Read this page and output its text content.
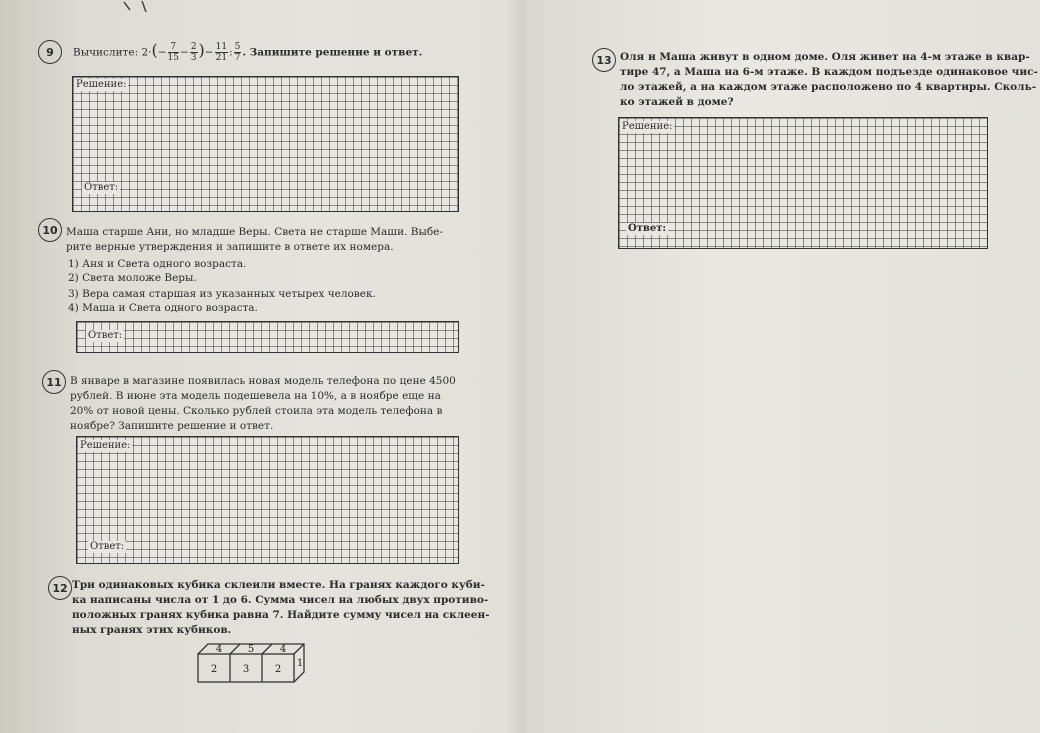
9	Вычислите: $2\cdot(- \frac{7}{15} - \frac{2}{3}$ )− $\frac{11}{21}$ : $\frac{5}{7}$ . Запишите решение и ответ.
Решение:
Ответ:
10 Маша старше Ани, но младше Веры. Света не старше Маши. Выбе-
рите верные утверждения и запишите в ответе их номера.
1) Аня и Света одного возраста.
2) Света моложе Веры.
3) Вера самая старшая из указанных четырех человек.
4) Маша и Света одного возраста.
Ответ:
11 В январе в магазине появилась новая модель телефона по цене 4500
рублей. В июне эта модель подешевела на 10%, а в ноябре еще на
20% от новой цены. Сколько рублей стоила эта модель телефона в
ноябре? Запишите решение и ответ.
Решение:
Ответ:
12 Три одинаковых кубика склеили вместе. На гранях каждого куби-
ка написаны числа от 1 до 6. Сумма чисел на любых двух противо-
положных гранях кубика равна 7. Найдите сумму чисел на склеен-
ных гранях этих кубиков.
4	5	4
2	3	2
1
13 Оля и Маша живут в одном доме. Оля живет на 4-м этаже в квар-
тире 47, а Маша на 6-м этаже. В каждом подъезде одинаковое чис-
ло этажей, а на каждом этаже расположено по 4 квартиры. Сколь-
ко этажей в доме?
Решение:
Ответ:
